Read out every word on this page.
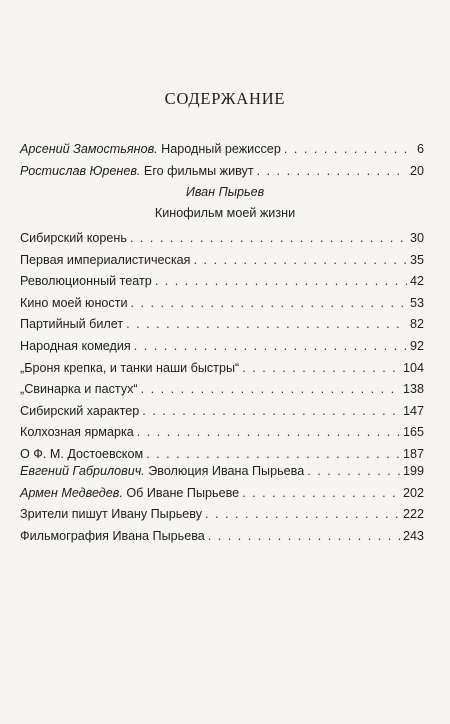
СОДЕРЖАНИЕ
Арсений Замостьянов. Народный режиссер . . .	6
Ростислав Юренев. Его фильмы живут . . .	20
Иван Пырьев
Кинофильм моей жизни
Сибирский корень . . .	30
Первая империалистическая . . .	35
Революционный театр . . .	42
Кино моей юности . . .	53
Партийный билет . . .	82
Народная комедия . . .	92
„Броня крепка, и танки наши быстры“ . . .	104
„Свинарка и пастух“ . . .	138
Сибирский характер . . .	147
Колхозная ярмарка . . .	165
О Ф. М. Достоевском . . .	187
Евгений Габрилович. Эволюция Ивана Пырьева . . .	199
Армен Медведев. Об Иване Пырьеве . . .	202
Зрители пишут Ивану Пырьеву . . .	222
Фильмография Ивана Пырьева . . .	243
